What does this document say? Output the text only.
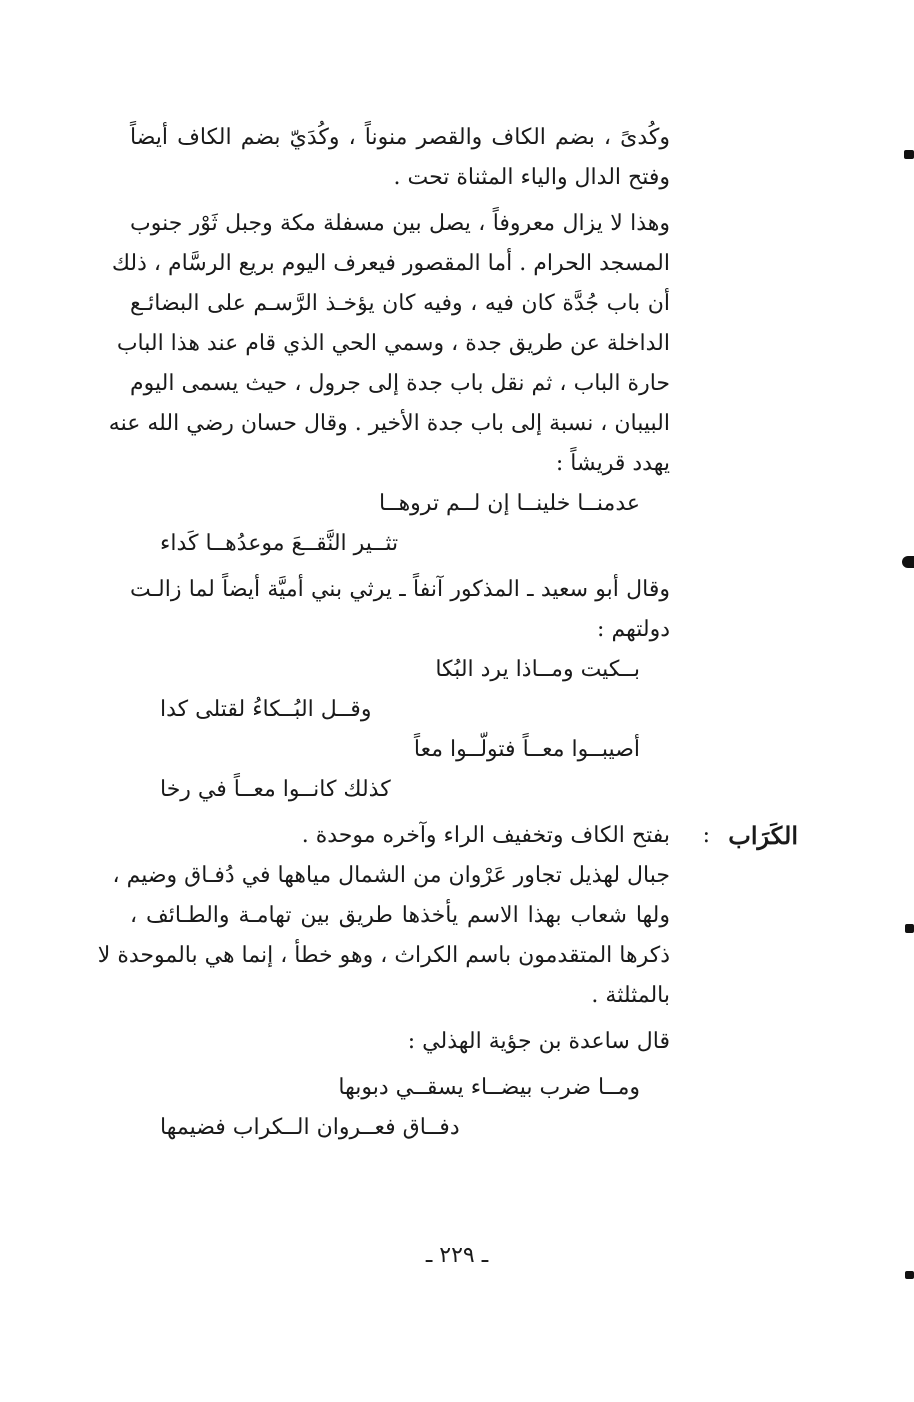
وكُدىً ، بضم الكاف والقصر منوناً ، وكُدَيّ بضم الكاف أيضاً
وفتح الدال والياء المثناة تحت .
وهذا لا يزال معروفاً ، يصل بين مسفلة مكة وجبل ثَوْر جنوب
المسجد الحرام . أما المقصور فيعرف اليوم بريع الرسَّام ، ذلك
أن باب جُدَّة كان فيه ، وفيه كان يؤخـذ الرَّسـم على البضائـع
الداخلة عن طريق جدة ، وسمي الحي الذي قام عند هذا الباب
حارة الباب ، ثم نقل باب جدة إلى جرول ، حيث يسمى اليوم
البيبان ، نسبة إلى باب جدة الأخير . وقال حسان رضي الله عنه
يهدد قريشاً :
عدمنــا خلينــا إن لــم تروهــا
تثــير النَّقــعَ موعدُهــا كَداء
وقال أبو سعيد ـ المذكور آنفاً ـ يرثي بني أميَّة أيضاً لما زالـت
دولتهم :
بــكيت ومــاذا يرد البُكا
وقــل البُــكاءُ لقتلى كدا
أصيبــوا معــاً فتولّــوا معاً
كذلك كانــوا معــاً في رخا
الكَرَاب
:
بفتح الكاف وتخفيف الراء وآخره موحدة .
جبال لهذيل تجاور عَرْوان من الشمال مياهها في دُفـاق وضيم ،
ولها شعاب بهذا الاسم يأخذها طريق بين تهامـة والطـائف ،
ذكرها المتقدمون باسم الكراث ، وهو خطأ ، إنما هي بالموحدة لا
بالمثلثة .
قال ساعدة بن جؤية الهذلي :
ومــا ضرب بيضــاء يسقــي دبوبها
دفــاق فعــروان الــكراب فضيمها
ـ ٢٢٩ ـ
